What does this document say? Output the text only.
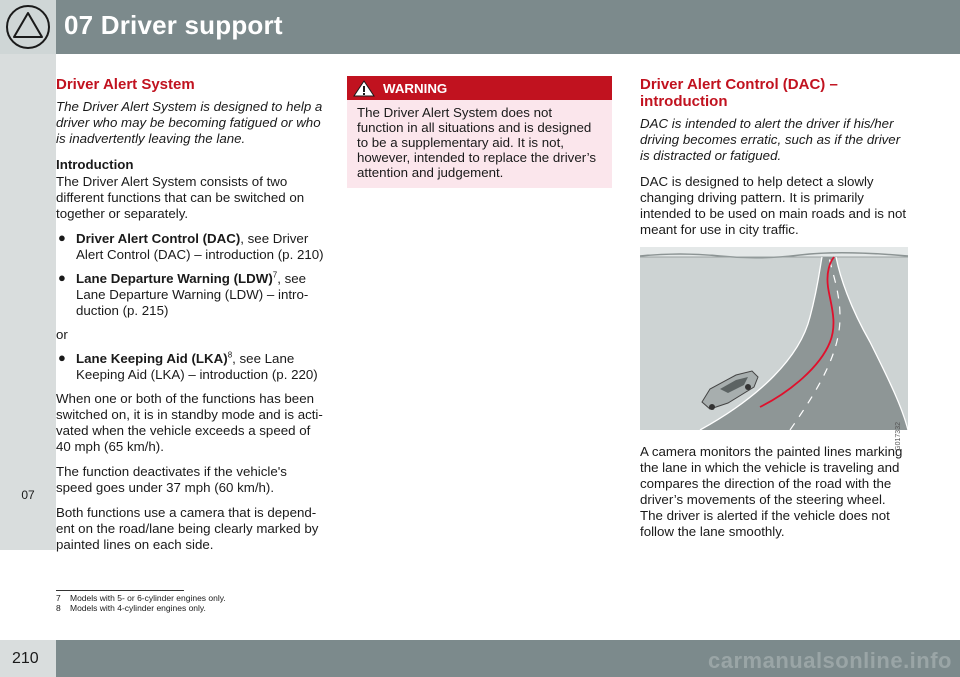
07 Driver support
07
Driver Alert System

The Driver Alert System is designed to help a driver who may be becoming fatigued or who is inadvertently leaving the lane.

Introduction

The Driver Alert System consists of two different functions that can be switched on together or separately.

● Driver Alert Control (DAC), see Driver Alert Control (DAC) – introduction (p. 210)
● Lane Departure Warning (LDW)$^7$, see Lane Departure Warning (LDW) – introduction (p. 215)

or

● Lane Keeping Aid (LKA)$^8$, see Lane Keeping Aid (LKA) – introduction (p. 220)

When one or both of the functions has been switched on, it is in standby mode and is activated when the vehicle exceeds a speed of 40 mph (65 km/h).

The function deactivates if the vehicle's speed goes under 37 mph (60 km/h).

Both functions use a camera that is dependent on the road/lane being clearly marked by painted lines on each side.

WARNING
The Driver Alert System does not function in all situations and is designed to be a supplementary aid. It is not, however, intended to replace the driver’s attention and judgement.
Driver Alert Control (DAC) – introduction

DAC is intended to alert the driver if his/her driving becomes erratic, such as if the driver is distracted or fatigued.

DAC is designed to help detect a slowly changing driving pattern. It is primarily intended to be used on main roads and is not meant for use in city traffic.

G017332

A camera monitors the painted lines marking the lane in which the vehicle is traveling and compares the direction of the road with the driver’s movements of the steering wheel. The driver is alerted if the vehicle does not follow the lane smoothly.

7 Models with 5- or 6-cylinder engines only.
8 Models with 4-cylinder engines only.
210	carmanualsonline.info
